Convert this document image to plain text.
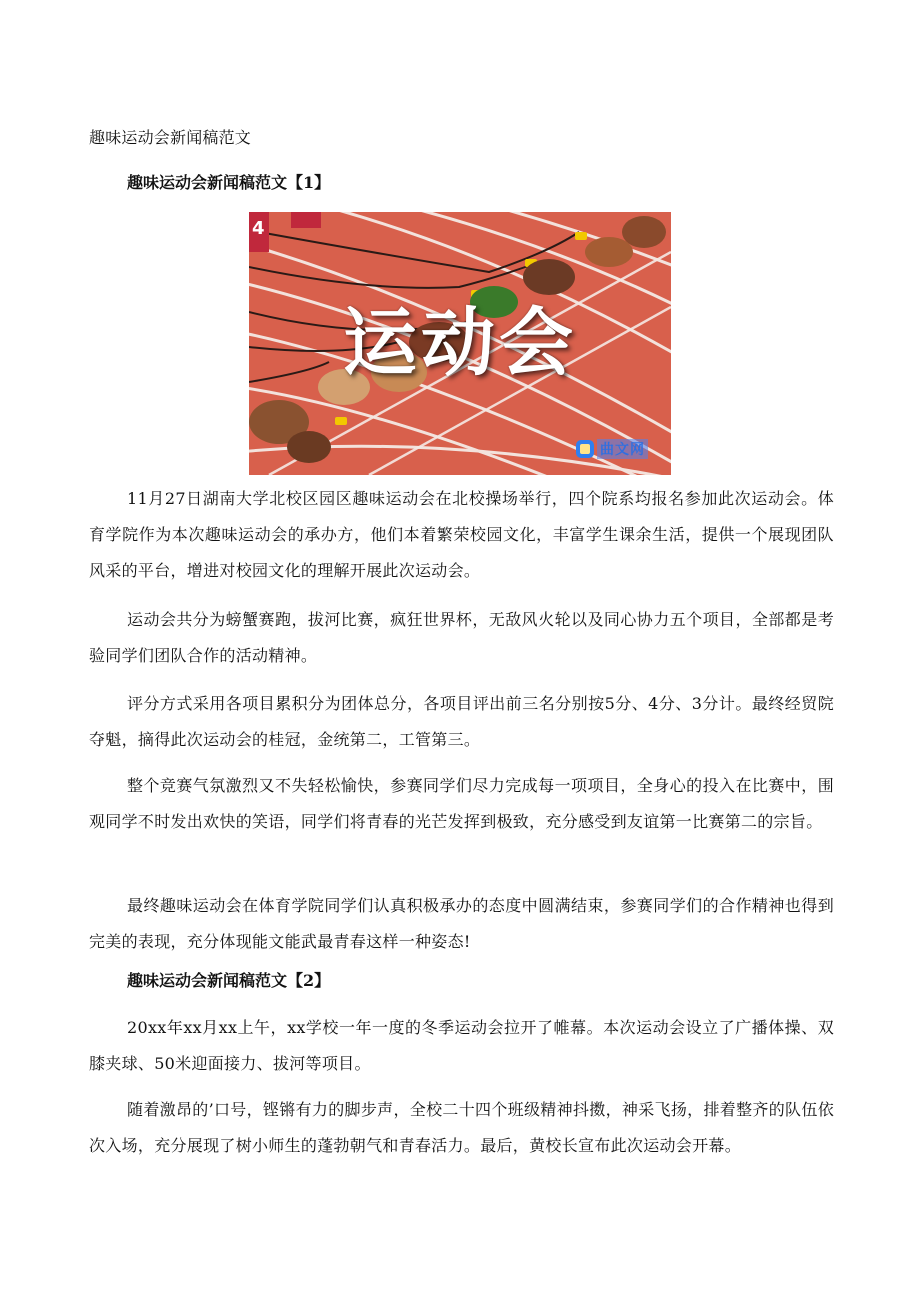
趣味运动会新闻稿范文
趣味运动会新闻稿范文【1】
4
运动会
曲文网

11月27日湖南大学北校区园区趣味运动会在北校操场举行，四个院系均报名参加此次运动会。体育学院作为本次趣味运动会的承办方，他们本着繁荣校园文化，丰富学生课余生活，提供一个展现团队风采的平台，增进对校园文化的理解开展此次运动会。

运动会共分为螃蟹赛跑，拔河比赛，疯狂世界杯，无敌风火轮以及同心协力五个项目，全部都是考验同学们团队合作的活动精神。

评分方式采用各项目累积分为团体总分，各项目评出前三名分别按5分、4分、3分计。最终经贸院夺魁，摘得此次运动会的桂冠，金统第二，工管第三。

整个竞赛气氛激烈又不失轻松愉快，参赛同学们尽力完成每一项项目，全身心的投入在比赛中，围观同学不时发出欢快的笑语，同学们将青春的光芒发挥到极致，充分感受到友谊第一比赛第二的宗旨。

最终趣味运动会在体育学院同学们认真积极承办的态度中圆满结束，参赛同学们的合作精神也得到完美的表现，充分体现能文能武最青春这样一种姿态!

趣味运动会新闻稿范文【2】

20xx年xx月xx上午，xx学校一年一度的冬季运动会拉开了帷幕。本次运动会设立了广播体操、双膝夹球、50米迎面接力、拔河等项目。

随着激昂的’口号，铿锵有力的脚步声，全校二十四个班级精神抖擞，神采飞扬，排着整齐的队伍依次入场，充分展现了树小师生的蓬勃朝气和青春活力。最后，黄校长宣布此次运动会开幕。
